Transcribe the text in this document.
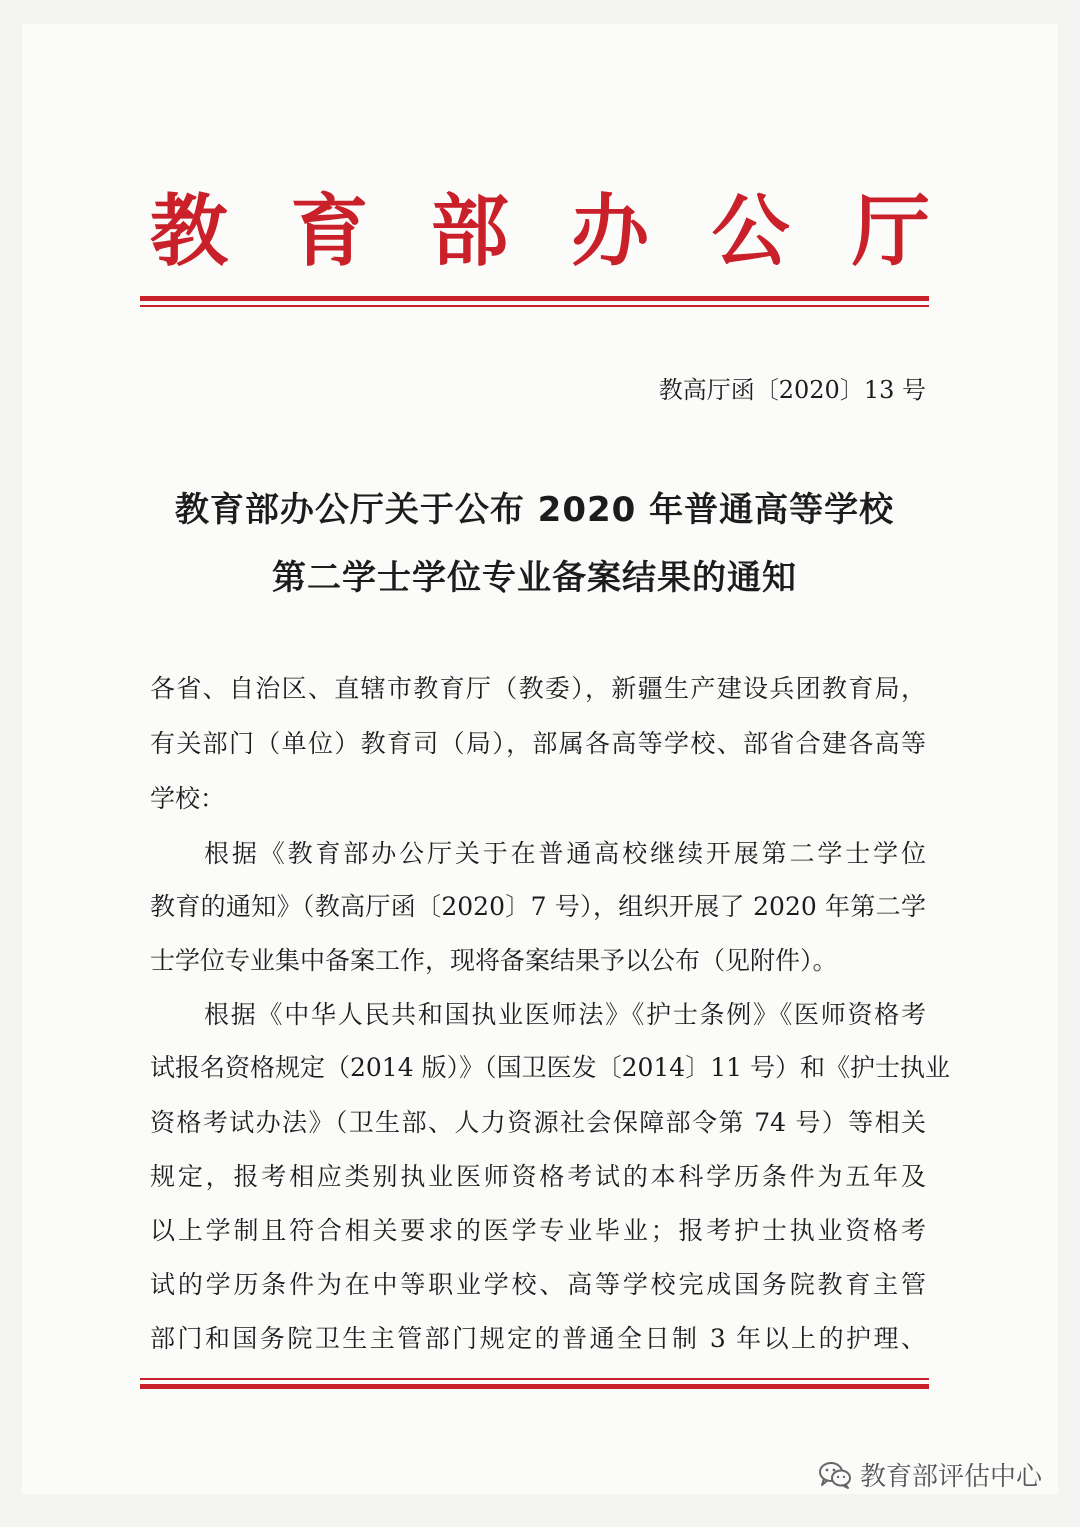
教 育 部 办 公 厅
教高厅函〔2020〕13 号
教育部办公厅关于公布 2020 年普通高等学校
第二学士学位专业备案结果的通知
各省、自治区、直辖市教育厅（教委），新疆生产建设兵团教育局，
有关部门（单位）教育司（局），部属各高等学校、部省合建各高等
学校：
根据《教育部办公厅关于在普通高校继续开展第二学士学位
教育的通知》（教高厅函〔2020〕7 号），组织开展了 2020 年第二学
士学位专业集中备案工作，现将备案结果予以公布（见附件）。
根据《中华人民共和国执业医师法》《护士条例》《医师资格考
试报名资格规定（2014 版）》（国卫医发〔2014〕11 号）和《护士执业
资格考试办法》（卫生部、人力资源社会保障部令第 74 号）等相关
规定，报考相应类别执业医师资格考试的本科学历条件为五年及
以上学制且符合相关要求的医学专业毕业；报考护士执业资格考
试的学历条件为在中等职业学校、高等学校完成国务院教育主管
部门和国务院卫生主管部门规定的普通全日制 3 年以上的护理、
教育部评估中心
